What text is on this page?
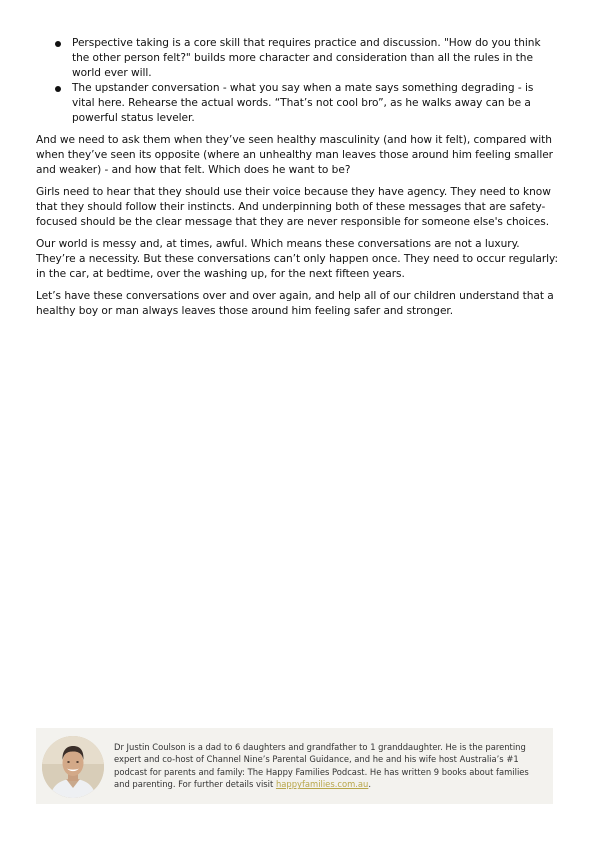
Perspective taking is a core skill that requires practice and discussion. "How do you think the other person felt?" builds more character and consideration than all the rules in the world ever will.
The upstander conversation - what you say when a mate says something degrading - is vital here. Rehearse the actual words. “That’s not cool bro”, as he walks away can be a powerful status leveler.

And we need to ask them when they’ve seen healthy masculinity (and how it felt), compared with when they’ve seen its opposite (where an unhealthy man leaves those around him feeling smaller and weaker) - and how that felt. Which does he want to be?

Girls need to hear that they should use their voice because they have agency. They need to know that they should follow their instincts. And underpinning both of these messages that are safety-focused should be the clear message that they are never responsible for someone else's choices.

Our world is messy and, at times, awful. Which means these conversations are not a luxury. They’re a necessity. But these conversations can’t only happen once. They need to occur regularly: in the car, at bedtime, over the washing up, for the next fifteen years.

Let’s have these conversations over and over again, and help all of our children understand that a healthy boy or man always leaves those around him feeling safer and stronger.

Dr Justin Coulson is a dad to 6 daughters and grandfather to 1 granddaughter. He is the parenting expert and co-host of Channel Nine’s Parental Guidance, and he and his wife host Australia’s #1 podcast for parents and family: The Happy Families Podcast. He has written 9 books about families and parenting. For further details visit happyfamilies.com.au.
